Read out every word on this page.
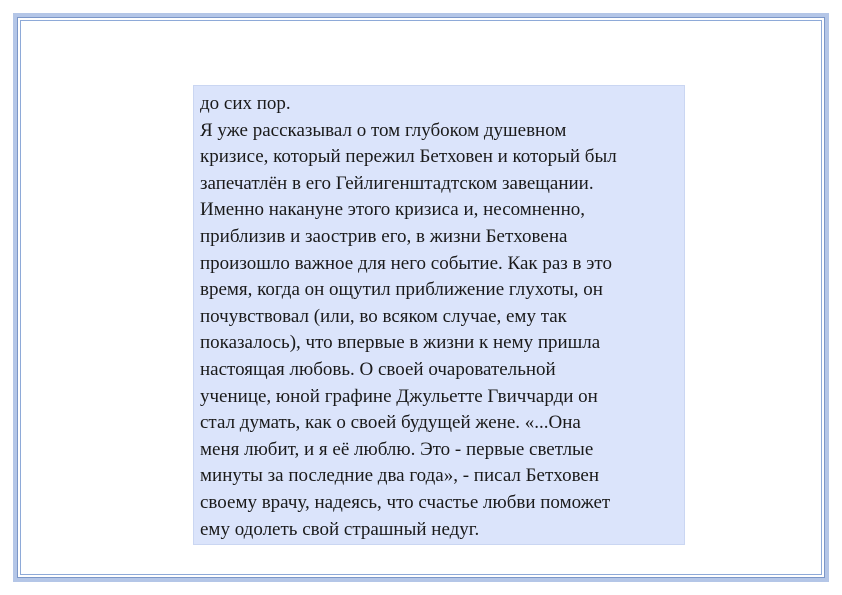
до сих пор.
Я уже рассказывал о том глубоком душевном
кризисе, который пережил Бетховен и который был
запечатлён в его Гейлигенштадтском завещании.
Именно накануне этого кризиса и, несомненно,
приблизив и заострив его, в жизни Бетховена
произошло важное для него событие. Как раз в это
время, когда он ощутил приближение глухоты, он
почувствовал (или, во всяком случае, ему так
показалось), что впервые в жизни к нему пришла
настоящая любовь. О своей очаровательной
ученице, юной графине Джульетте Гвиччарди он
стал думать, как о своей будущей жене. «...Она
меня любит, и я её люблю. Это - первые светлые
минуты за последние два года», - писал Бетховен
своему врачу, надеясь, что счастье любви поможет
ему одолеть свой страшный недуг.
